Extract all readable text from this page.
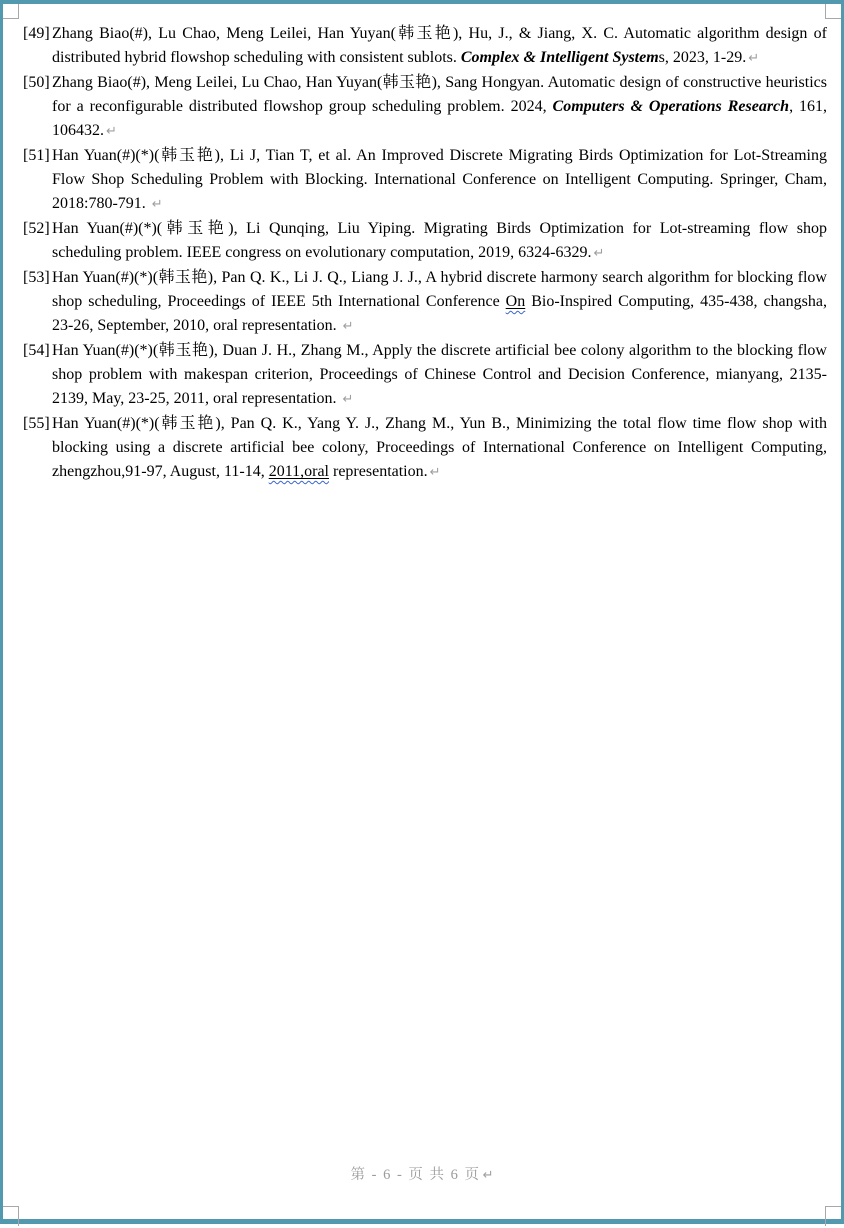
[49] Zhang Biao(#), Lu Chao, Meng Leilei, Han Yuyan(韩玉艳), Hu, J., & Jiang, X. C. Automatic algorithm design of distributed hybrid flowshop scheduling with consistent sublots. Complex & Intelligent Systems, 2023, 1-29. ↵
[50] Zhang Biao(#), Meng Leilei, Lu Chao, Han Yuyan(韩玉艳), Sang Hongyan. Automatic design of constructive heuristics for a reconfigurable distributed flowshop group scheduling problem. 2024, Computers & Operations Research, 161, 106432. ↵
[51] Han Yuan(#)(*)(韩玉艳), Li J, Tian T, et al. An Improved Discrete Migrating Birds Optimization for Lot-Streaming Flow Shop Scheduling Problem with Blocking. International Conference on Intelligent Computing. Springer, Cham, 2018:780-791. ↵
[52] Han Yuan(#)(*)(韩玉艳), Li Qunqing, Liu Yiping. Migrating Birds Optimization for Lot-streaming flow shop scheduling problem. IEEE congress on evolutionary computation, 2019, 6324-6329. ↵
[53] Han Yuan(#)(*)(韩玉艳), Pan Q. K., Li J. Q., Liang J. J., A hybrid discrete harmony search algorithm for blocking flow shop scheduling, Proceedings of IEEE 5th International Conference On Bio-Inspired Computing, 435-438, changsha, 23-26, September, 2010, oral representation. ↵
[54] Han Yuan(#)(*)(韩玉艳), Duan J. H., Zhang M., Apply the discrete artificial bee colony algorithm to the blocking flow shop problem with makespan criterion, Proceedings of Chinese Control and Decision Conference, mianyang, 2135-2139, May, 23-25, 2011, oral representation. ↵
[55] Han Yuan(#)(*)(韩玉艳), Pan Q. K., Yang Y. J., Zhang M., Yun B., Minimizing the total flow time flow shop with blocking using a discrete artificial bee colony, Proceedings of International Conference on Intelligent Computing, zhengzhou,91-97, August, 11-14, 2011,oral representation. ↵
第 - 6 - 页 共 6 页 ↵
